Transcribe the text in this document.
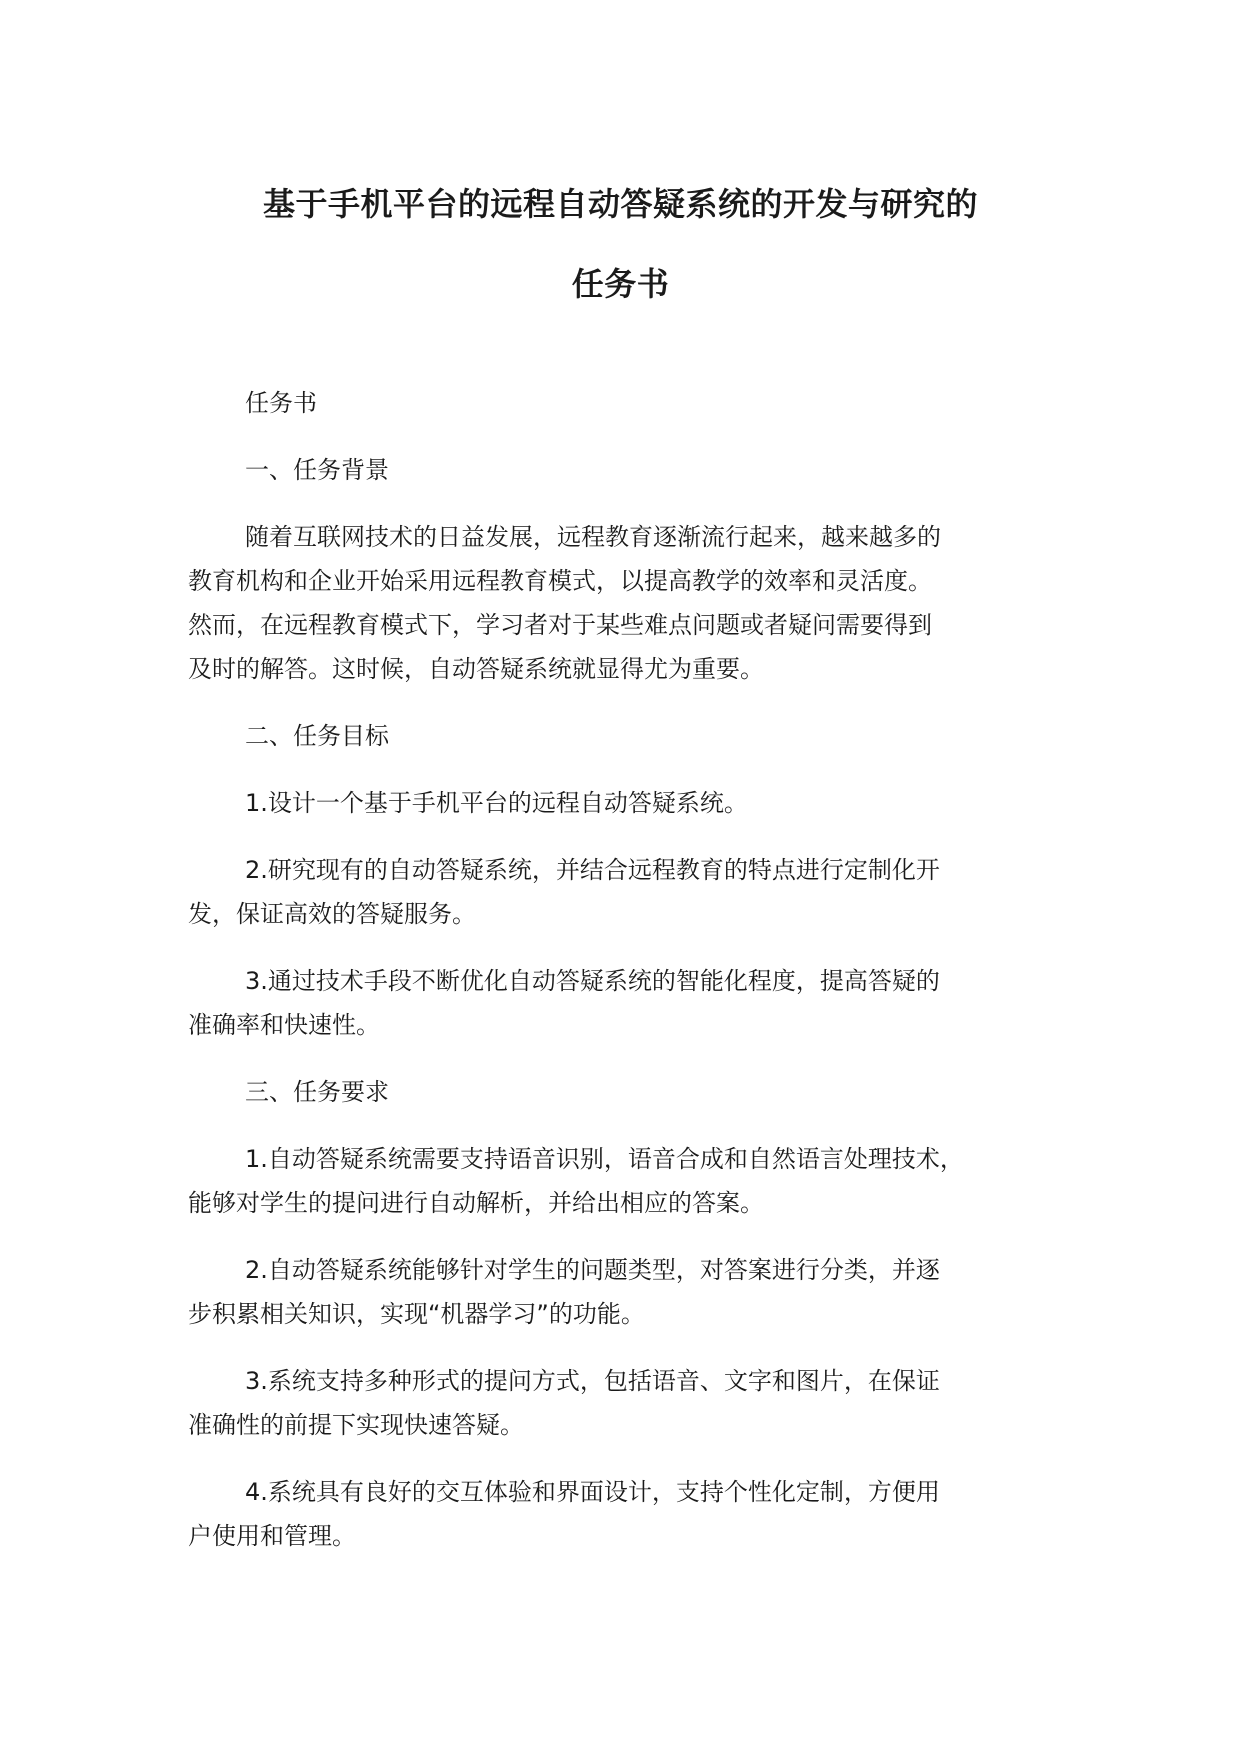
基于手机平台的远程自动答疑系统的开发与研究的
任务书

任务书

一、任务背景

随着互联网技术的日益发展，远程教育逐渐流行起来，越来越多的
教育机构和企业开始采用远程教育模式，以提高教学的效率和灵活度。
然而，在远程教育模式下，学习者对于某些难点问题或者疑问需要得到
及时的解答。这时候，自动答疑系统就显得尤为重要。

二、任务目标

1.设计一个基于手机平台的远程自动答疑系统。

2.研究现有的自动答疑系统，并结合远程教育的特点进行定制化开
发，保证高效的答疑服务。

3.通过技术手段不断优化自动答疑系统的智能化程度，提高答疑的
准确率和快速性。

三、任务要求

1.自动答疑系统需要支持语音识别，语音合成和自然语言处理技术，
能够对学生的提问进行自动解析，并给出相应的答案。

2.自动答疑系统能够针对学生的问题类型，对答案进行分类，并逐
步积累相关知识，实现“机器学习”的功能。

3.系统支持多种形式的提问方式，包括语音、文字和图片，在保证
准确性的前提下实现快速答疑。

4.系统具有良好的交互体验和界面设计，支持个性化定制，方便用
户使用和管理。
